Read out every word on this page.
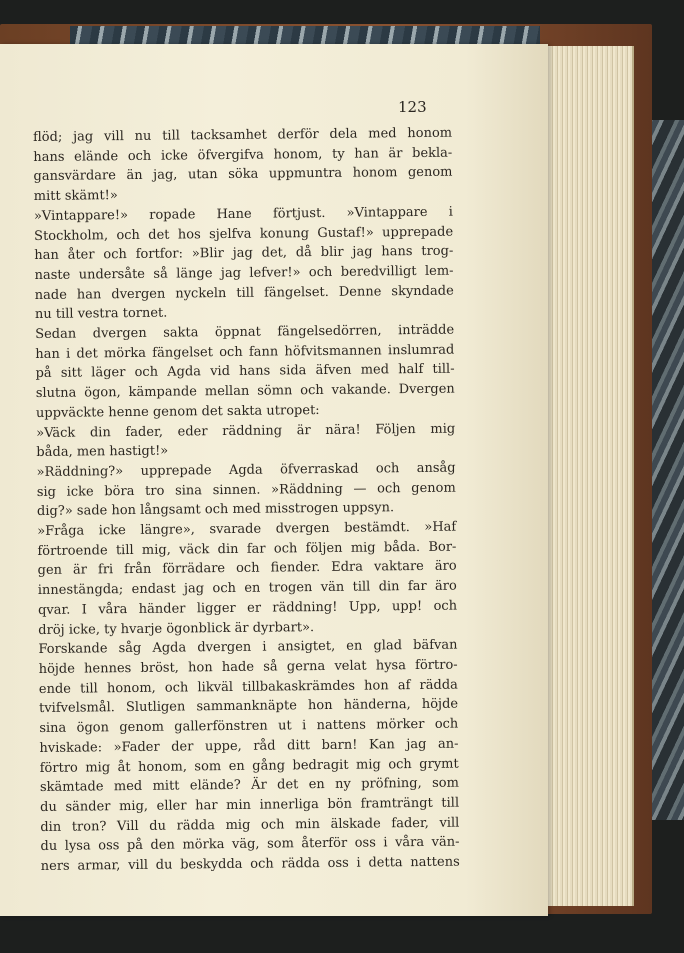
123

flöd; jag vill nu till tacksamhet derför dela med honom
hans elände och icke öfvergifva honom, ty han är bekla-
gansvärdare än jag, utan söka uppmuntra honom genom
mitt skämt!»
»Vintappare!» ropade Hane förtjust. »Vintappare i
Stockholm, och det hos sjelfva konung Gustaf!» upprepade
han åter och fortfor: »Blir jag det, då blir jag hans trog-
naste undersåte så länge jag lefver!» och beredvilligt lem-
nade han dvergen nyckeln till fängelset. Denne skyndade
nu till vestra tornet.
Sedan dvergen sakta öppnat fängelsedörren, inträdde
han i det mörka fängelset och fann höfvitsmannen inslumrad
på sitt läger och Agda vid hans sida äfven med half till-
slutna ögon, kämpande mellan sömn och vakande. Dvergen
uppväckte henne genom det sakta utropet:
»Väck din fader, eder räddning är nära! Följen mig
båda, men hastigt!»
»Räddning?» upprepade Agda öfverraskad och ansåg
sig icke böra tro sina sinnen. »Räddning — och genom
dig?» sade hon långsamt och med misstrogen uppsyn.
»Fråga icke längre», svarade dvergen bestämdt. »Haf
förtroende till mig, väck din far och följen mig båda. Bor-
gen är fri från förrädare och fiender. Edra vaktare äro
innestängda; endast jag och en trogen vän till din far äro
qvar. I våra händer ligger er räddning! Upp, upp! och
dröj icke, ty hvarje ögonblick är dyrbart».
Forskande såg Agda dvergen i ansigtet, en glad bäfvan
höjde hennes bröst, hon hade så gerna velat hysa förtro-
ende till honom, och likväl tillbakaskrämdes hon af rädda
tvifvelsmål. Slutligen sammanknäpte hon händerna, höjde
sina ögon genom gallerfönstren ut i nattens mörker och
hviskade: »Fader der uppe, råd ditt barn! Kan jag an-
förtro mig åt honom, som en gång bedragit mig och grymt
skämtade med mitt elände? Är det en ny pröfning, som
du sänder mig, eller har min innerliga bön framträngt till
din tron? Vill du rädda mig och min älskade fader, vill
du lysa oss på den mörka väg, som återför oss i våra vän-
ners armar, vill du beskydda och rädda oss i detta nattens
